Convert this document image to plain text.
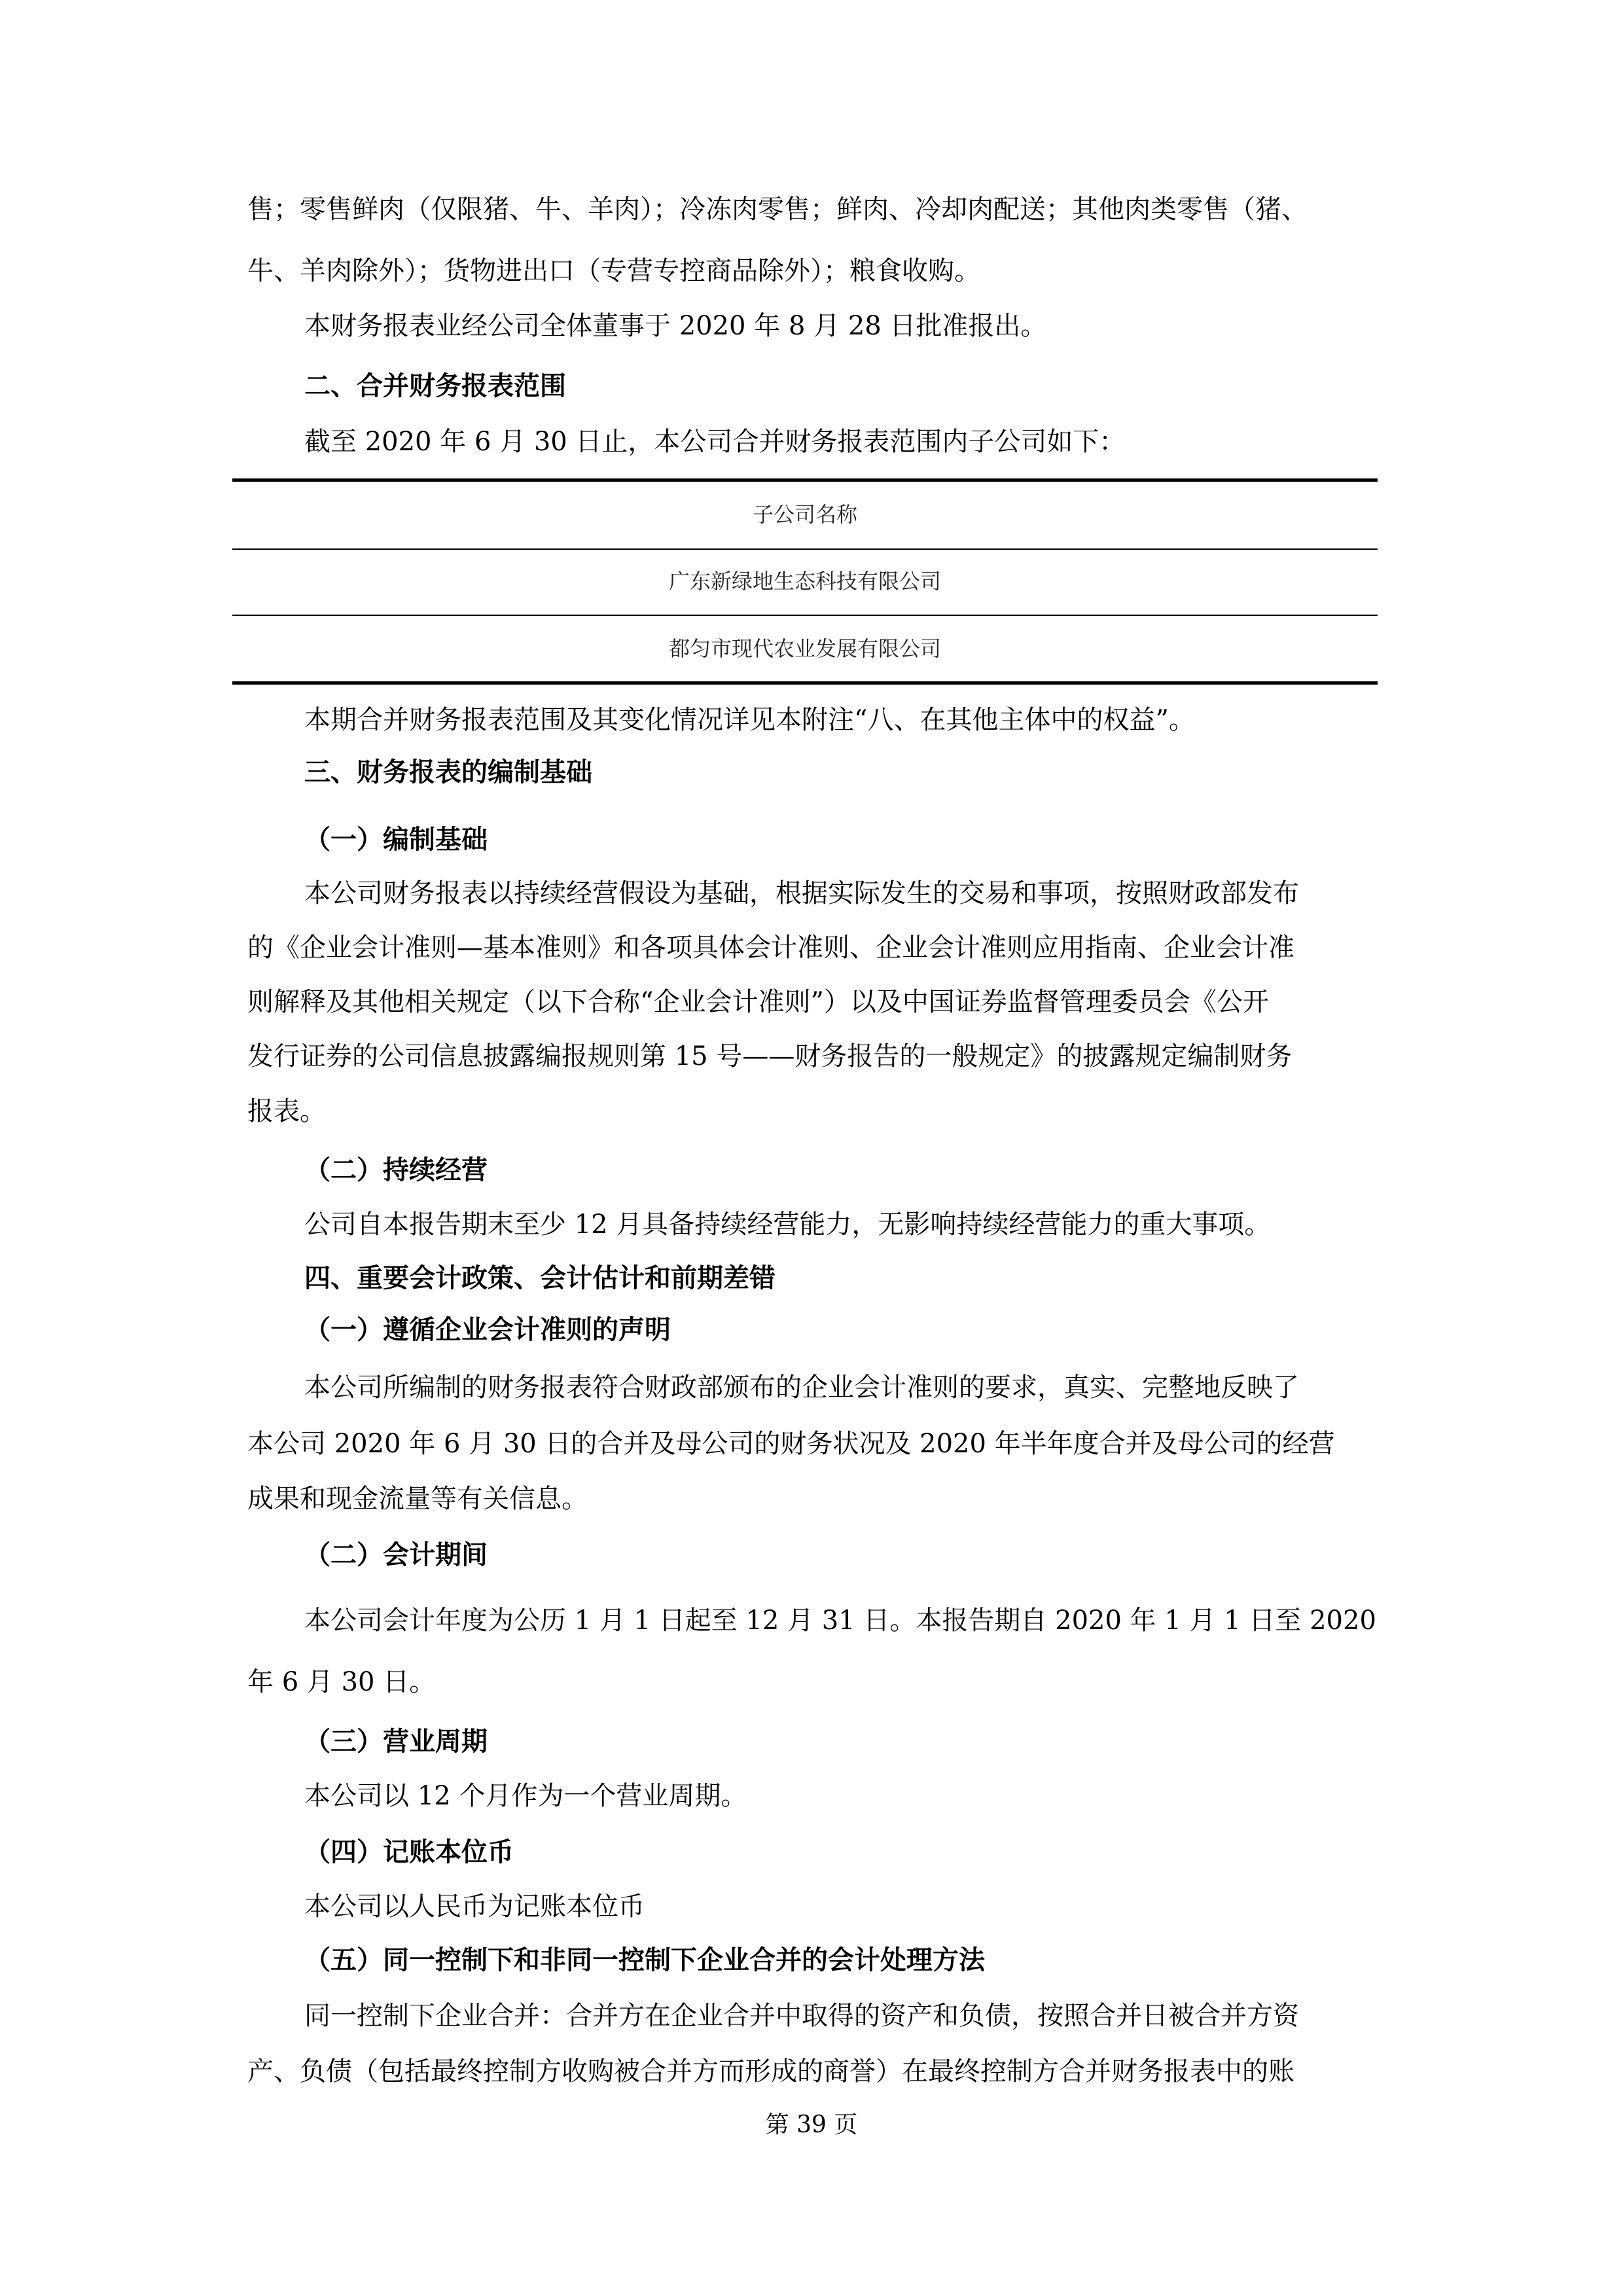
售；零售鲜肉（仅限猪、牛、羊肉）；冷冻肉零售；鲜肉、冷却肉配送；其他肉类零售（猪、
牛、羊肉除外）；货物进出口（专营专控商品除外）；粮食收购。
本财务报表业经公司全体董事于 2020 年 8 月 28 日批准报出。
二、合并财务报表范围
截至 2020 年 6 月 30 日止，本公司合并财务报表范围内子公司如下：
子公司名称
广东新绿地生态科技有限公司
都匀市现代农业发展有限公司
本期合并财务报表范围及其变化情况详见本附注“八、在其他主体中的权益”。
三、财务报表的编制基础
（一）编制基础
本公司财务报表以持续经营假设为基础，根据实际发生的交易和事项，按照财政部发布
的《企业会计准则—基本准则》和各项具体会计准则、企业会计准则应用指南、企业会计准
则解释及其他相关规定（以下合称“企业会计准则”）以及中国证券监督管理委员会《公开
发行证券的公司信息披露编报规则第 15 号——财务报告的一般规定》的披露规定编制财务
报表。
（二）持续经营
公司自本报告期末至少 12 月具备持续经营能力，无影响持续经营能力的重大事项。
四、重要会计政策、会计估计和前期差错
（一）遵循企业会计准则的声明
本公司所编制的财务报表符合财政部颁布的企业会计准则的要求，真实、完整地反映了
本公司 2020 年 6 月 30 日的合并及母公司的财务状况及 2020 年半年度合并及母公司的经营
成果和现金流量等有关信息。
（二）会计期间
本公司会计年度为公历 1 月 1 日起至 12 月 31 日。本报告期自 2020 年 1 月 1 日至 2020
年 6 月 30 日。
（三）营业周期
本公司以 12 个月作为一个营业周期。
（四）记账本位币
本公司以人民币为记账本位币
（五）同一控制下和非同一控制下企业合并的会计处理方法
同一控制下企业合并：合并方在企业合并中取得的资产和负债，按照合并日被合并方资
产、负债（包括最终控制方收购被合并方而形成的商誉）在最终控制方合并财务报表中的账
第 39 页
